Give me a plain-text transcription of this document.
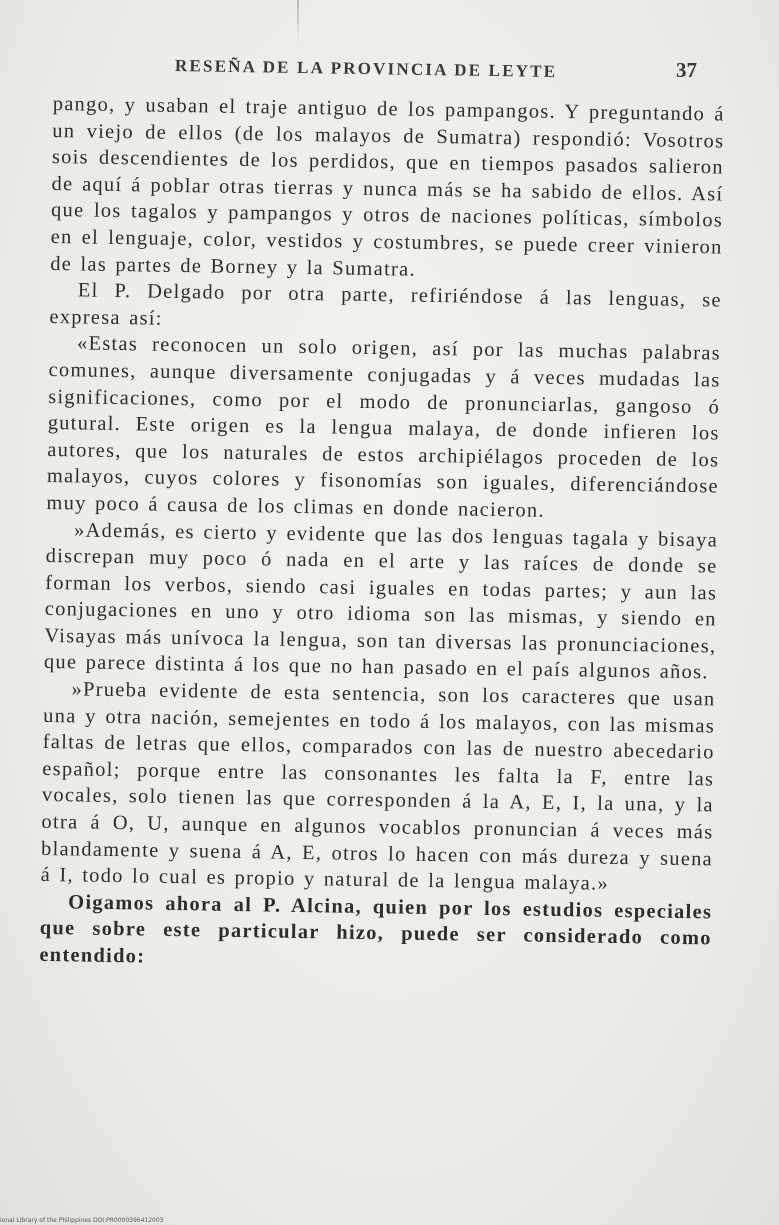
RESEÑA DE LA PROVINCIA DE LEYTE	37

pango, y usaban el traje antiguo de los pampangos. Y preguntando á un viejo de ellos (de los malayos de Sumatra) respondió: Vosotros sois descendientes de los perdidos, que en tiempos pasados salieron de aquí á poblar otras tierras y nunca más se ha sabido de ellos. Así que los tagalos y pampangos y otros de naciones políticas, símbolos en el lenguaje, color, vestidos y costumbres, se puede creer vinieron de las partes de Borney y la Sumatra.

El P. Delgado por otra parte, refiriéndose á las lenguas, se expresa así:

«Estas reconocen un solo origen, así por las muchas palabras comunes, aunque diversamente conjugadas y á veces mudadas las significaciones, como por el modo de pronunciarlas, gangoso ó gutural. Este origen es la lengua malaya, de donde infieren los autores, que los naturales de estos archipiélagos proceden de los malayos, cuyos colores y fisonomías son iguales, diferenciándose muy poco á causa de los climas en donde nacieron.

»Además, es cierto y evidente que las dos lenguas tagala y bisaya discrepan muy poco ó nada en el arte y las raíces de donde se forman los verbos, siendo casi iguales en todas partes; y aun las conjugaciones en uno y otro idioma son las mismas, y siendo en Visayas más unívoca la lengua, son tan diversas las pronunciaciones, que parece distinta á los que no han pasado en el país algunos años.

»Prueba evidente de esta sentencia, son los caracteres que usan una y otra nación, semejentes en todo á los malayos, con las mismas faltas de letras que ellos, comparados con las de nuestro abecedario español; porque entre las consonantes les falta la F, entre las vocales, solo tienen las que corresponden á la A, E, I, la una, y la otra á O, U, aunque en algunos vocablos pronuncian á veces más blandamente y suena á A, E, otros lo hacen con más dureza y suena á I, todo lo cual es propio y natural de la lengua malaya.»

Oigamos ahora al P. Alcina, quien por los estudios especiales que sobre este particular hizo, puede ser considerado como entendido:

ional Library of the Philippines DOI:PR0000396412003
